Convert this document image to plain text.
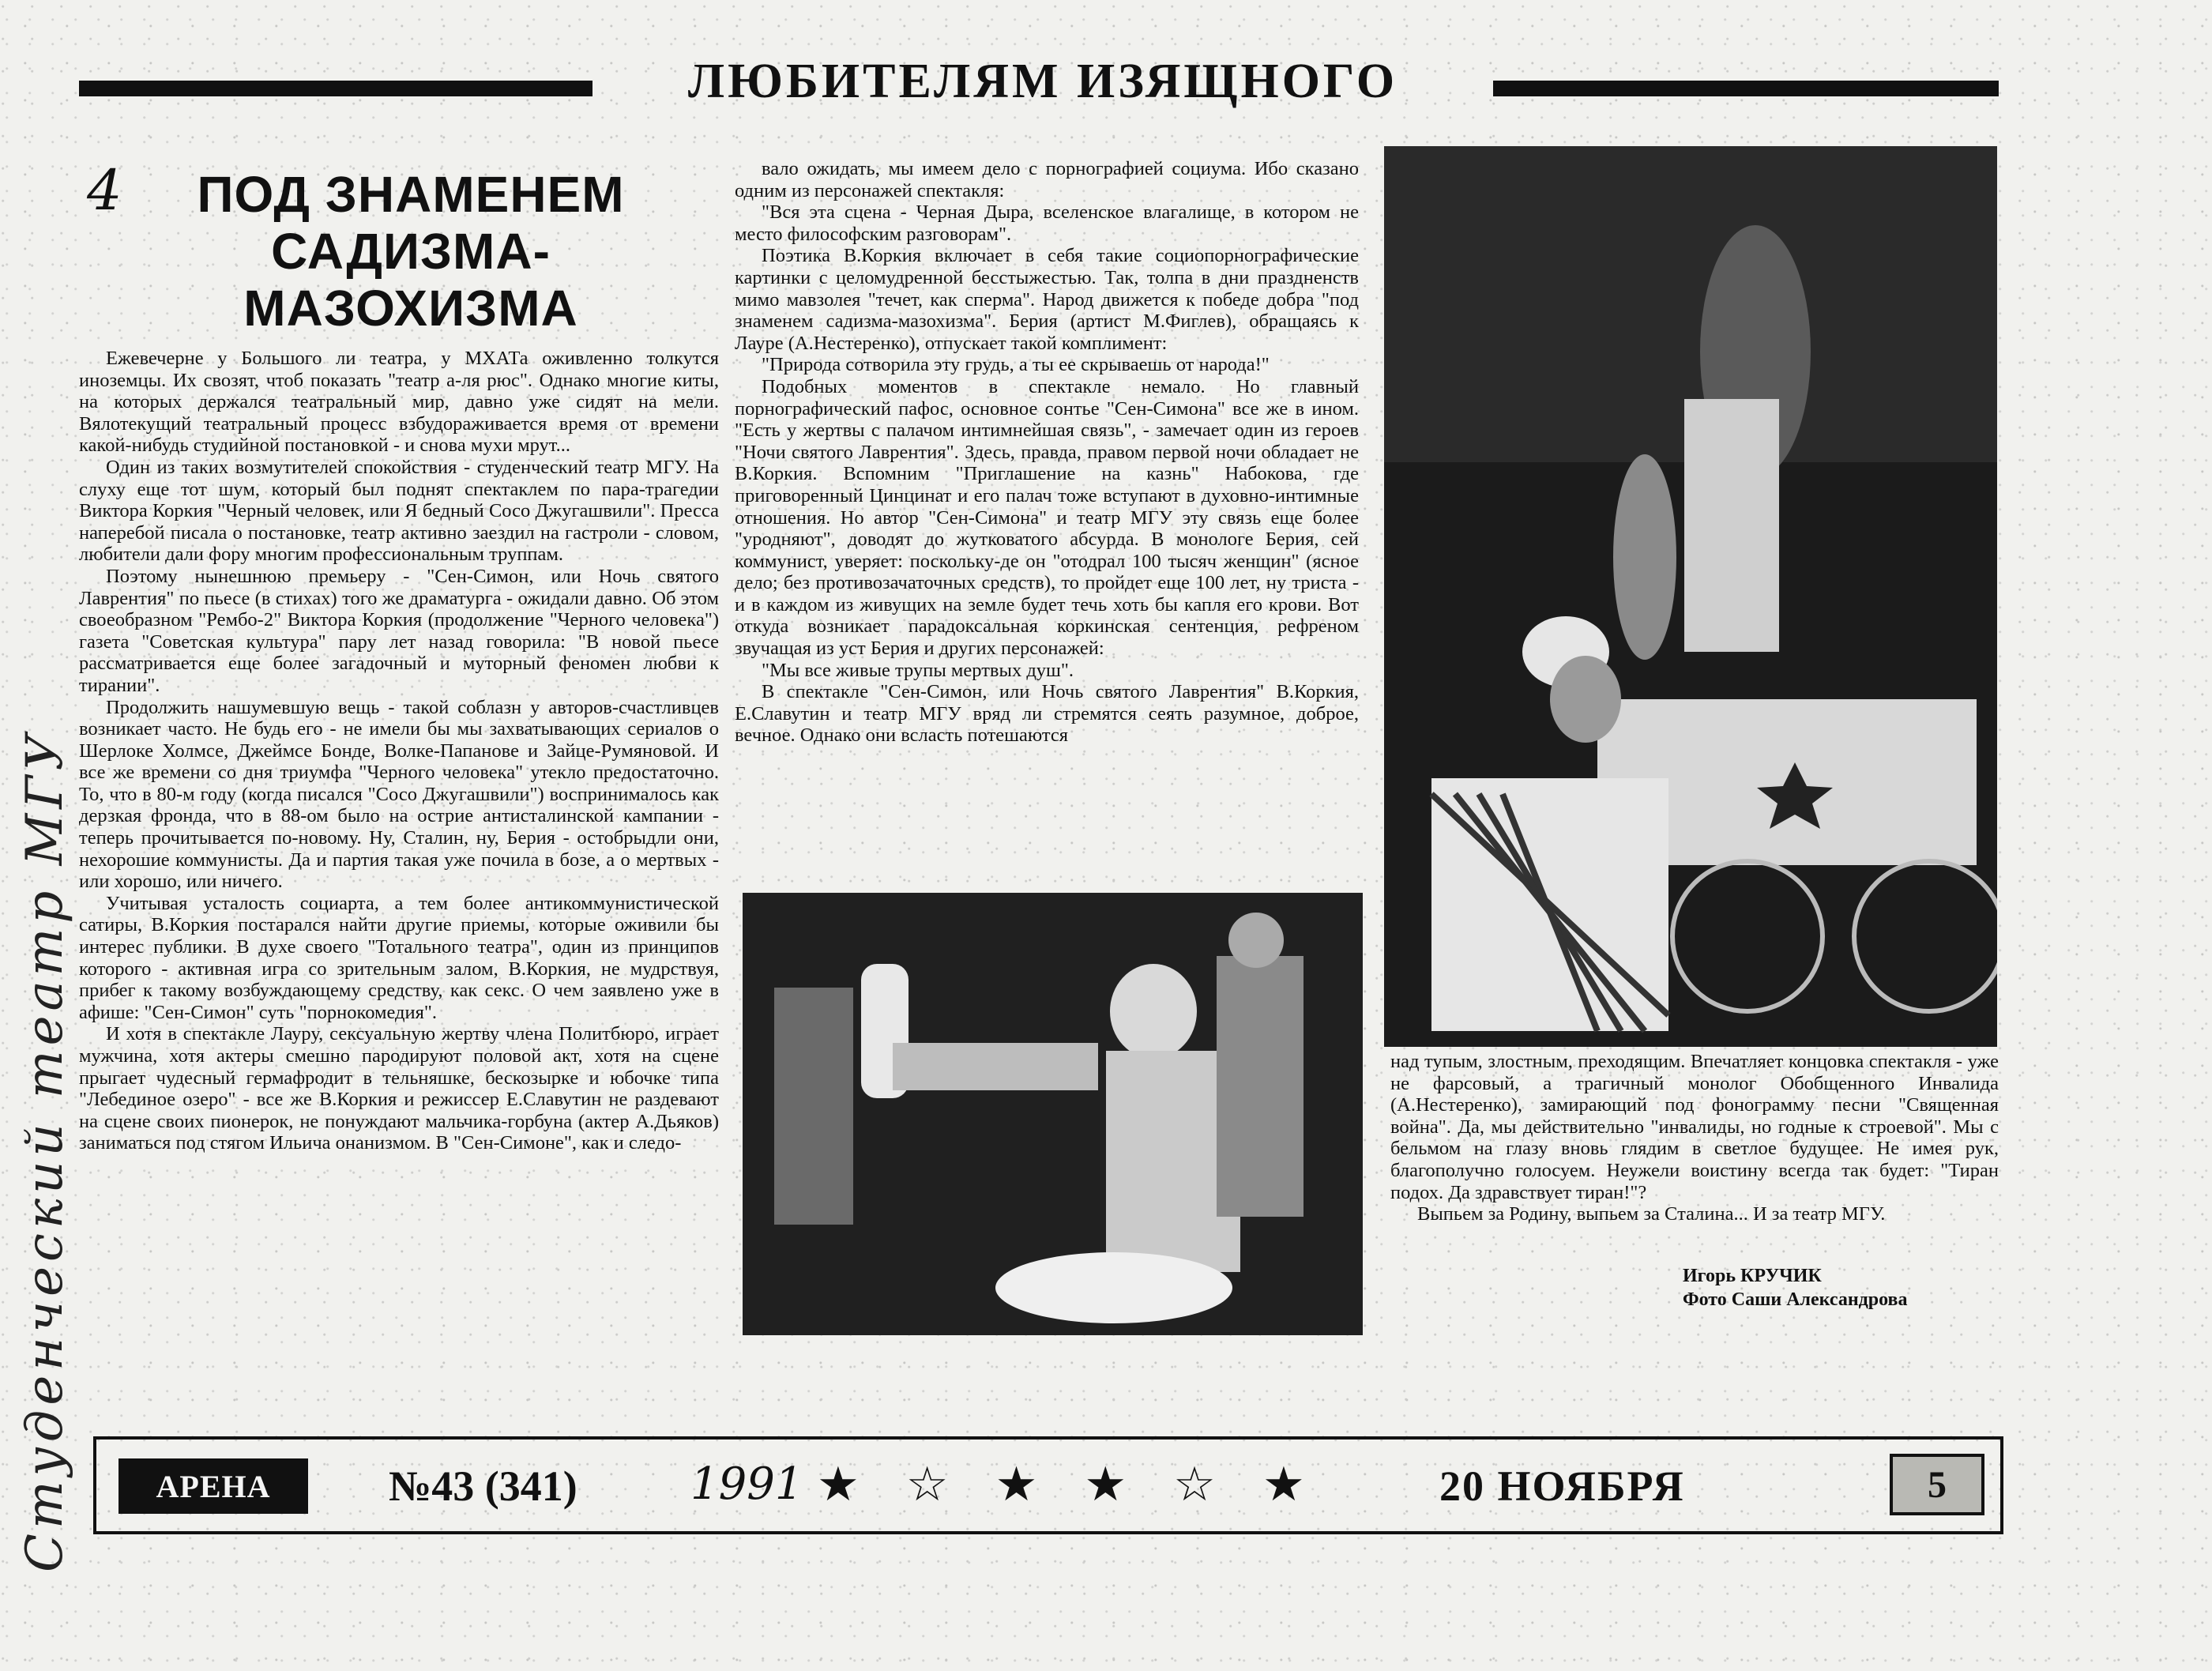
4
ЛЮБИТЕЛЯМ ИЗЯЩНОГО
ПОД ЗНАМЕНЕМ
САДИЗМА-
МАЗОХИЗМА

Ежевечерне у Большого ли театра, у МХАТа оживленно толкутся иноземцы. Их свозят, чтоб показать "театр а-ля рюс". Однако многие киты, на которых держался театральный мир, давно уже сидят на мели. Вялотекущий театральный процесс взбудораживается время от времени какой-нибудь студийной постановкой - и снова мухи мрут...

Один из таких возмутителей спокойствия - студенческий театр МГУ. На слуху еще тот шум, который был поднят спектаклем по пара-трагедии Виктора Коркия "Черный человек, или Я бедный Сосо Джугашвили". Пресса наперебой писала о постановке, театр активно заездил на гастроли - словом, любители дали фору многим профессиональным труппам.

Поэтому нынешнюю премьеру - "Сен-Симон, или Ночь святого Лаврентия" по пьесе (в стихах) того же драматурга - ожидали давно. Об этом своеобразном "Рембо-2" Виктора Коркия (продолжение "Черного человека") газета "Советская культура" пару лет назад говорила: "В новой пьесе рассматривается еще более загадочный и муторный феномен любви к тирании".

Продолжить нашумевшую вещь - такой соблазн у авторов-счастливцев возникает часто. Не будь его - не имели бы мы захватывающих сериалов о Шерлоке Холмсе, Джеймсе Бонде, Волке-Папанове и Зайце-Румяновой. И все же времени со дня триумфа "Черного человека" утекло предостаточно. То, что в 80-м году (когда писался "Сосо Джугашвили") воспринималось как дерзкая фронда, что в 88-ом было на острие антисталинской кампании - теперь прочитывается по-новому. Ну, Сталин, ну, Берия - остобрыдли они, нехорошие коммунисты. Да и партия такая уже почила в бозе, а о мертвых - или хорошо, или ничего.

Учитывая усталость социарта, а тем более антикоммунистической сатиры, В.Коркия постарался найти другие приемы, которые оживили бы интерес публики. В духе своего "Тотального театра", один из принципов которого - активная игра со зрительным залом, В.Коркия, не мудрствуя, прибег к такому возбуждающему средству, как секс. О чем заявлено уже в афише: "Сен-Симон" суть "порнокомедия".

И хотя в спектакле Лауру, сексуальную жертву члена Политбюро, играет мужчина, хотя актеры смешно пародируют половой акт, хотя на сцене прыгает чудесный гермафродит в тельняшке, бескозырке и юбочке типа "Лебединое озеро" - все же В.Коркия и режиссер Е.Славутин не раздевают на сцене своих пионерок, не понуждают мальчика-горбуна (актер А.Дьяков) заниматься под стягом Ильича онанизмом. В "Сен-Симоне", как и следо-

вало ожидать, мы имеем дело с порнографией социума. Ибо сказано одним из персонажей спектакля:

"Вся эта сцена - Черная Дыра, вселенское влагалище, в котором не место философским разговорам".

Поэтика В.Коркия включает в себя такие социопорнографические картинки с целомудренной бесстыжестью. Так, толпа в дни праздненств мимо мавзолея "течет, как сперма". Народ движется к победе добра "под знаменем садизма-мазохизма". Берия (артист М.Фиглев), обращаясь к Лауре (А.Нестеренко), отпускает такой комплимент:

"Природа сотворила эту грудь, а ты ее скрываешь от народа!"

Подобных моментов в спектакле немало. Но главный порнографический пафос, основное сонтье "Сен-Симона" все же в ином. "Есть у жертвы с палачом интимнейшая связь", - замечает один из героев "Ночи святого Лаврентия". Здесь, правда, правом первой ночи обладает не В.Коркия. Вспомним "Приглашение на казнь" Набокова, где приговоренный Цинцинат и его палач тоже вступают в духовно-интимные отношения. Но автор "Сен-Симона" и театр МГУ эту связь еще более "уродняют", доводят до жутковатого абсурда. В монологе Берия, сей коммунист, уверяет: поскольку-де он "отодрал 100 тысяч женщин" (ясное дело; без противозачаточных средств), то пройдет еще 100 лет, ну триста - и в каждом из живущих на земле будет течь хоть бы капля его крови. Вот откуда возникает парадоксальная коркинская сентенция, рефреном звучащая из уст Берия и других персонажей:

"Мы все живые трупы мертвых душ".

В спектакле "Сен-Симон, или Ночь святого Лаврентия" В.Коркия, Е.Славутин и театр МГУ вряд ли стремятся сеять разумное, доброе, вечное. Однако они всласть потешаются

над тупым, злостным, преходящим. Впечатляет концовка спектакля - уже не фарсовый, а трагичный монолог Обобщенного Инвалида (А.Нестеренко), замирающий под фонограмму песни "Священная война". Да, мы действительно "инвалиды, но годные к строевой". Мы с бельмом на глазу вновь глядим в светлое будущее. Не имея рук, благополучно голосуем. Неужели воистину всегда так будет: "Тиран подох. Да здравствует тиран!"?

Выпьем за Родину, выпьем за Сталина... И за театр МГУ.

Игорь КРУЧИК
Фото Саши Александрова
АРЕНА	№43 (341)	1991 ★ ☆ ★ ★ ☆ ★	20 НОЯБРЯ	5
Студенческий театр МГУ
